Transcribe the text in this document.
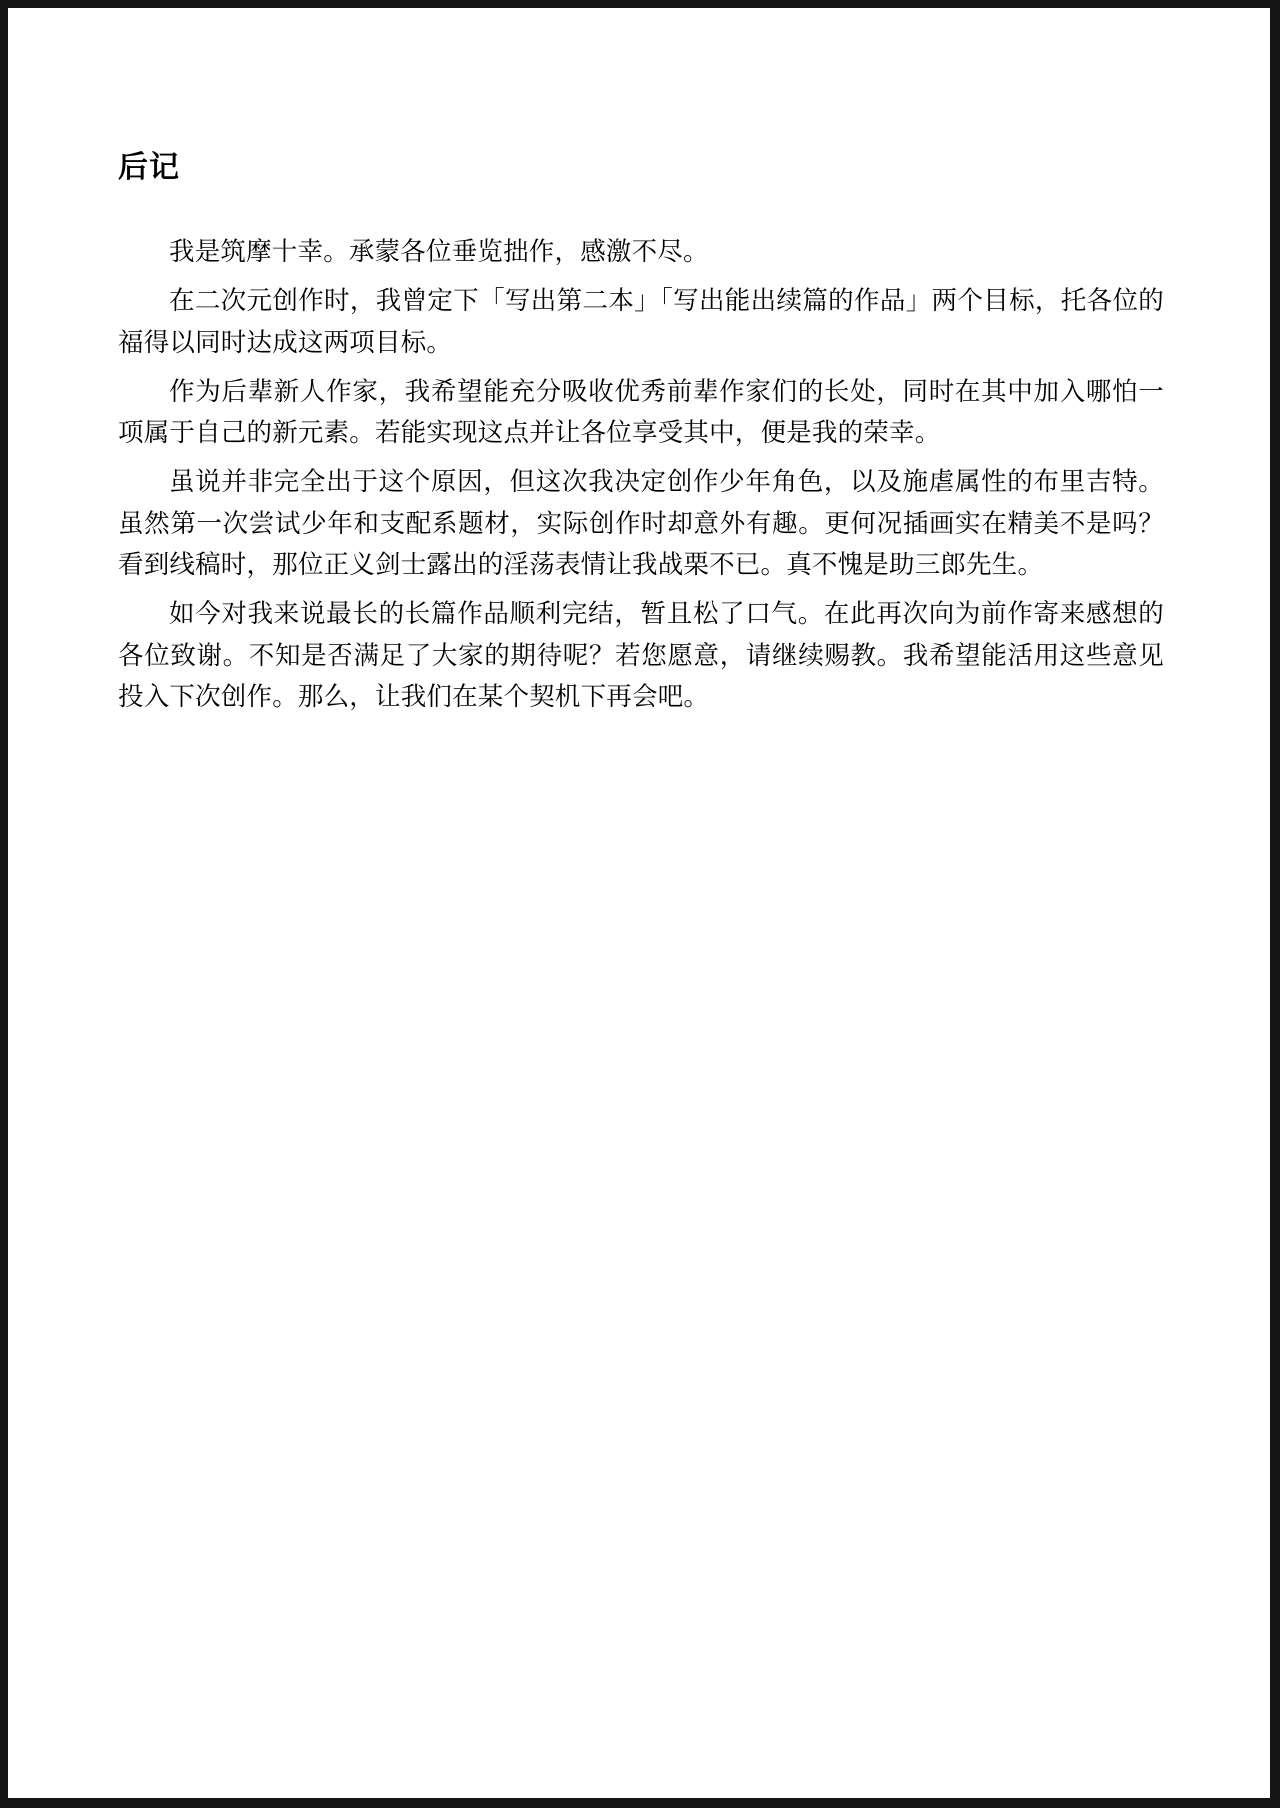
后记

我是筑摩十幸。承蒙各位垂览拙作，感激不尽。

在二次元创作时，我曾定下「写出第二本」「写出能出续篇的作品」两个目标，托各位的福得以同时达成这两项目标。

作为后辈新人作家，我希望能充分吸收优秀前辈作家们的长处，同时在其中加入哪怕一项属于自己的新元素。若能实现这点并让各位享受其中，便是我的荣幸。

虽说并非完全出于这个原因，但这次我决定创作少年角色，以及施虐属性的布里吉特。虽然第一次尝试少年和支配系题材，实际创作时却意外有趣。更何况插画实在精美不是吗？看到线稿时，那位正义剑士露出的淫荡表情让我战栗不已。真不愧是助三郎先生。

如今对我来说最长的长篇作品顺利完结，暂且松了口气。在此再次向为前作寄来感想的各位致谢。不知是否满足了大家的期待呢？若您愿意，请继续赐教。我希望能活用这些意见投入下次创作。那么，让我们在某个契机下再会吧。
